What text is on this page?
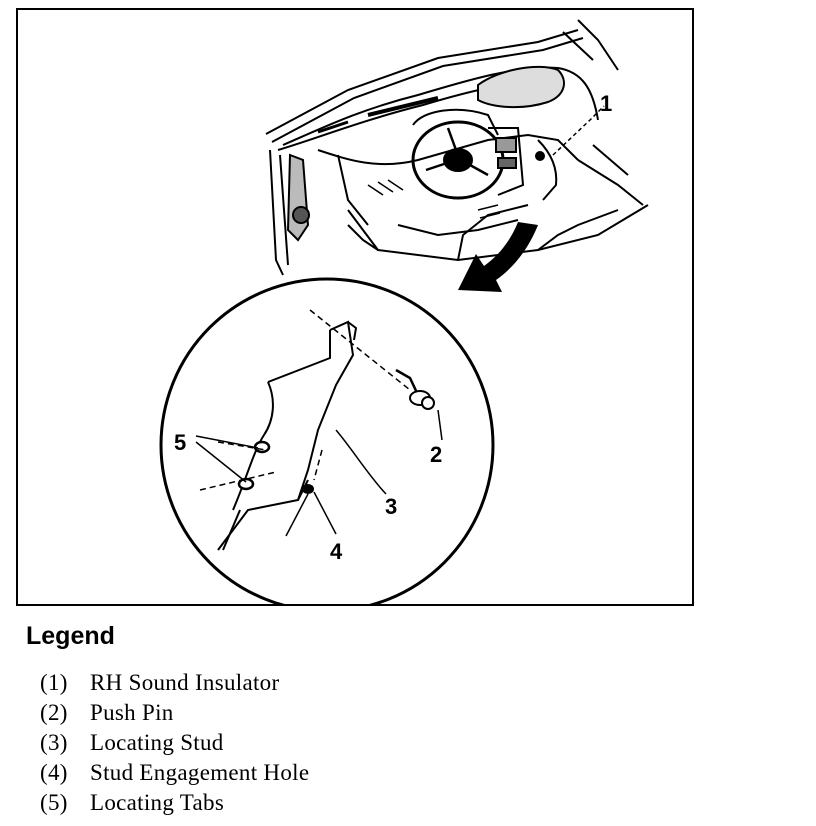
1
2
3
4
5
Legend
(1) RH Sound Insulator
(2) Push Pin
(3) Locating Stud
(4) Stud Engagement Hole
(5) Locating Tabs
